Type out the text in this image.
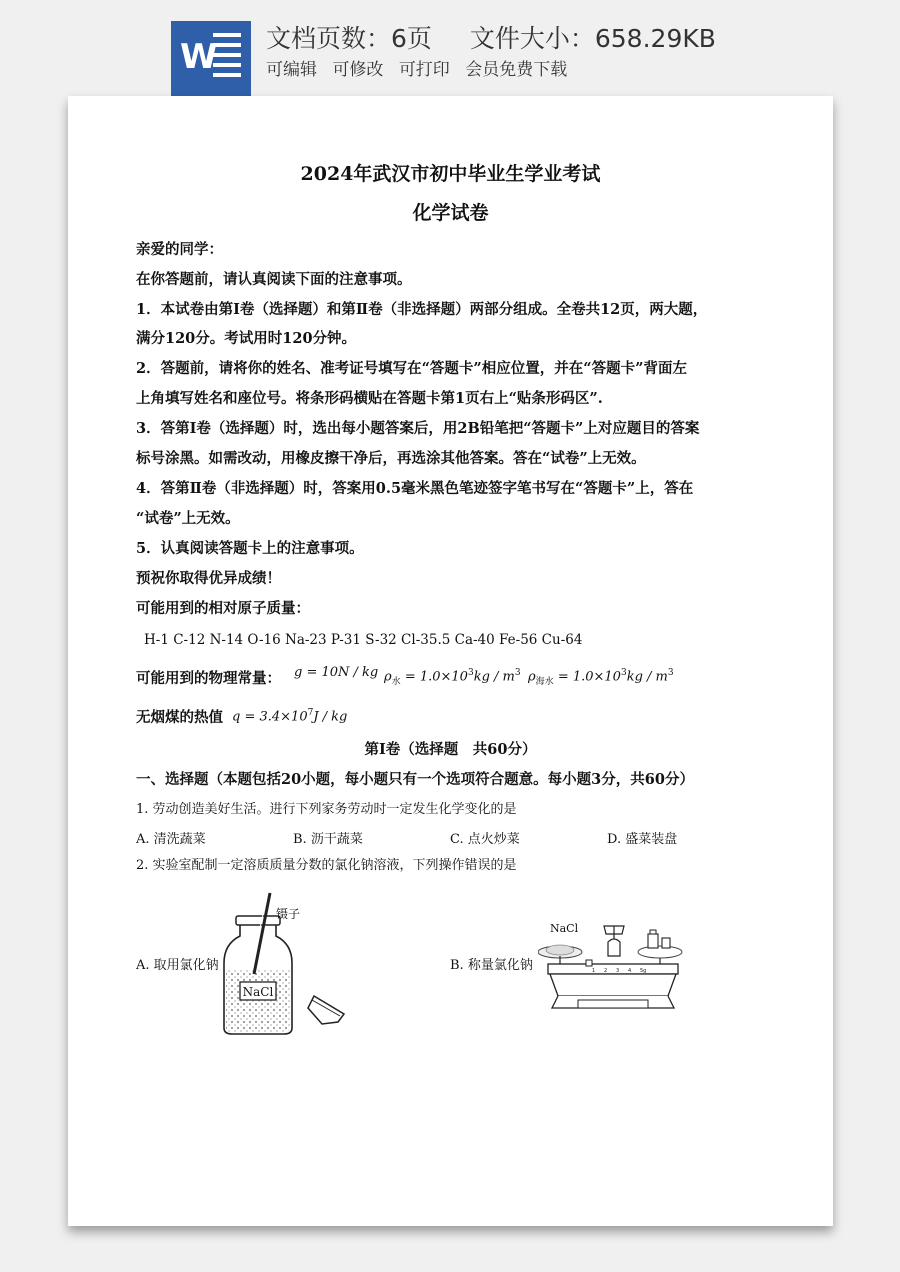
W 文档页数：6页 文件大小：658.29KB
可编辑 可修改 可打印 会员免费下载
2024年武汉市初中毕业生学业考试
化学试卷
亲爱的同学：
在你答题前，请认真阅读下面的注意事项。
1．本试卷由第Ⅰ卷（选择题）和第Ⅱ卷（非选择题）两部分组成。全卷共12页，两大题，
满分120分。考试用时120分钟。
2．答题前，请将你的姓名、准考证号填写在“答题卡”相应位置，并在“答题卡”背面左
上角填写姓名和座位号。将条形码横贴在答题卡第1页右上“贴条形码区”.
3．答第Ⅰ卷（选择题）时，选出每小题答案后，用2B铅笔把“答题卡”上对应题目的答案
标号涂黑。如需改动，用橡皮擦干净后，再选涂其他答案。答在“试卷”上无效。
4．答第Ⅱ卷（非选择题）时，答案用0.5毫米黑色笔迹签字笔书写在“答题卡”上，答在
“试卷”上无效。
5．认真阅读答题卡上的注意事项。
预祝你取得优异成绩！
可能用到的相对原子质量：
H-1 C-12 N-14 O-16 Na-23 P-31 S-32 Cl-35.5 Ca-40 Fe-56 Cu-64
可能用到的物理常量： g = 10N / kg $\rho_水 = 1.0\times 10^3kg / m^3$ $\rho_{海水} = 1.0\times 10^3kg / m^3$
无烟煤的热值 $q = 3.4\times 10^7J$ / kg
第Ⅰ卷（选择题　共60分）
一、选择题（本题包括20小题，每小题只有一个选项符合题意。每小题3分，共60分）
1. 劳动创造美好生活。进行下列家务劳动时一定发生化学变化的是
A. 清洗蔬菜	B. 沥干蔬菜	C. 点火炒菜	D. 盛菜装盘
2. 实验室配制一定溶质质量分数的氯化钠溶液，下列操作错误的是
A. 取用氯化钠	B. 称量氯化钠
NaCl
镊子
NaCl
1 2 3 4 5g
